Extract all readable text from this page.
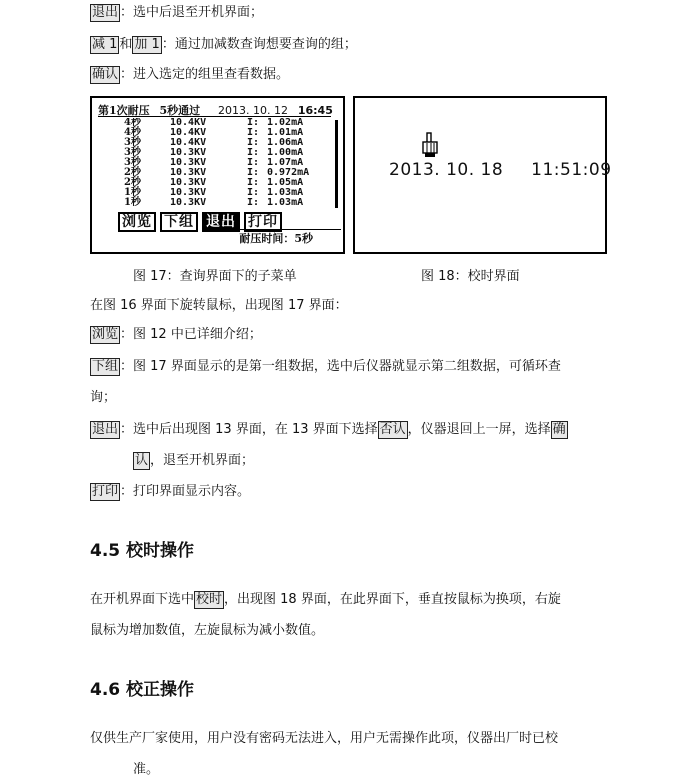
退出 ：选中后退至开机界面；
减 1 和 加 1 ：通过加减数查询想要查询的组；
确认 ：进入选定的组里查看数据。
第1次耐压 5秒通过 2013. 10. 12 16:45
4秒	10.4KV	I: 1.02mA
4秒	10.4KV	I: 1.01mA
3秒	10.4KV	I: 1.06mA
3秒	10.3KV	I: 1.00mA
3秒	10.3KV	I: 1.07mA
2秒	10.3KV	I: 0.972mA
2秒	10.3KV	I: 1.05mA
1秒	10.3KV	I: 1.03mA
1秒	10.3KV	I: 1.03mA
浏览 下组 退出 打印
耐压时间：5秒
2013. 10. 18 11:51:09
图 17：查询界面下的子菜单	图 18：校时界面
在图 16 界面下旋转鼠标，出现图 17 界面：
浏览 ：图 12 中已详细介绍；
下组 ：图 17 界面显示的是第一组数据，选中后仪器就显示第二组数据，可循环查
询；
退出 ：选中后出现图 13 界面，在 13 界面下选择 否认 ，仪器退回上一屏，选择 确
认 ，退至开机界面；
打印 ：打印界面显示内容。
4.5 校时操作
在开机界面下选中 校时 ，出现图 18 界面，在此界面下，垂直按鼠标为换项，右旋
鼠标为增加数值，左旋鼠标为减小数值。
4.6 校正操作
仅供生产厂家使用，用户没有密码无法进入，用户无需操作此项，仪器出厂时已校
准。
